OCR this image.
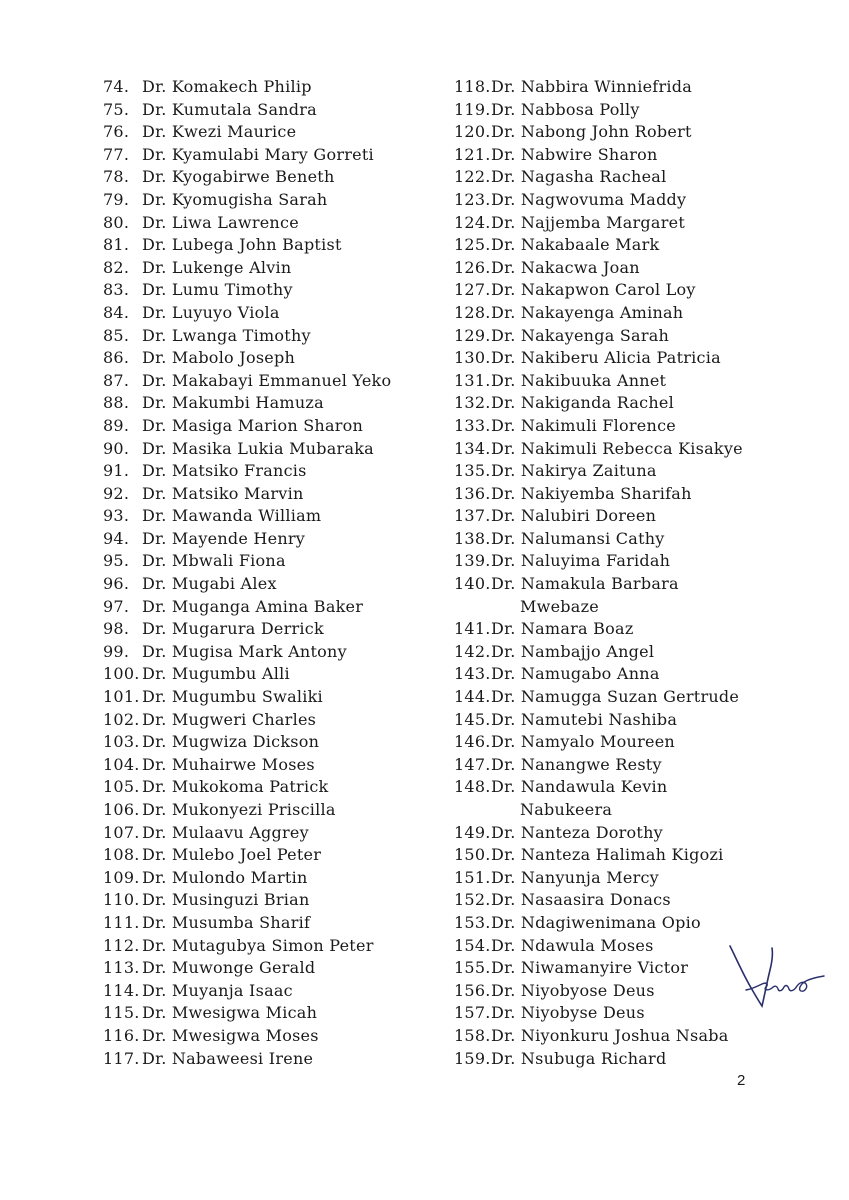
74. Dr. Komakech Philip
75. Dr. Kumutala Sandra
76. Dr. Kwezi Maurice
77. Dr. Kyamulabi Mary Gorreti
78. Dr. Kyogabirwe Beneth
79. Dr. Kyomugisha Sarah
80. Dr. Liwa Lawrence
81. Dr. Lubega John Baptist
82. Dr. Lukenge Alvin
83. Dr. Lumu Timothy
84. Dr. Luyuyo Viola
85. Dr. Lwanga Timothy
86. Dr. Mabolo Joseph
87. Dr. Makabayi Emmanuel Yeko
88. Dr. Makumbi Hamuza
89. Dr. Masiga Marion Sharon
90. Dr. Masika Lukia Mubaraka
91. Dr. Matsiko Francis
92. Dr. Matsiko Marvin
93. Dr. Mawanda William
94. Dr. Mayende Henry
95. Dr. Mbwali Fiona
96. Dr. Mugabi Alex
97. Dr. Muganga Amina Baker
98. Dr. Mugarura Derrick
99. Dr. Mugisa Mark Antony
100. Dr. Mugumbu Alli
101. Dr. Mugumbu Swaliki
102. Dr. Mugweri Charles
103. Dr. Mugwiza Dickson
104. Dr. Muhairwe Moses
105. Dr. Mukokoma Patrick
106. Dr. Mukonyezi Priscilla
107. Dr. Mulaavu Aggrey
108. Dr. Mulebo Joel Peter
109. Dr. Mulondo Martin
110. Dr. Musinguzi Brian
111. Dr. Musumba Sharif
112. Dr. Mutagubya Simon Peter
113. Dr. Muwonge Gerald
114. Dr. Muyanja Isaac
115. Dr. Mwesigwa Micah
116. Dr. Mwesigwa Moses
117. Dr. Nabaweesi Irene
118.Dr. Nabbira Winniefrida
119.Dr. Nabbosa Polly
120.Dr. Nabong John Robert
121.Dr. Nabwire Sharon
122.Dr. Nagasha Racheal
123.Dr. Nagwovuma Maddy
124.Dr. Najjemba Margaret
125.Dr. Nakabaale Mark
126.Dr. Nakacwa Joan
127.Dr. Nakapwon Carol Loy
128.Dr. Nakayenga Aminah
129.Dr. Nakayenga Sarah
130.Dr. Nakiberu Alicia Patricia
131.Dr. Nakibuuka Annet
132.Dr. Nakiganda Rachel
133.Dr. Nakimuli Florence
134.Dr. Nakimuli Rebecca Kisakye
135.Dr. Nakirya Zaituna
136.Dr. Nakiyemba Sharifah
137.Dr. Nalubiri Doreen
138.Dr. Nalumansi Cathy
139.Dr. Naluyima Faridah
140.Dr. Namakula Barbara
Mwebaze
141.Dr. Namara Boaz
142.Dr. Nambajjo Angel
143.Dr. Namugabo Anna
144.Dr. Namugga Suzan Gertrude
145.Dr. Namutebi Nashiba
146.Dr. Namyalo Moureen
147.Dr. Nanangwe Resty
148.Dr. Nandawula Kevin
Nabukeera
149.Dr. Nanteza Dorothy
150.Dr. Nanteza Halimah Kigozi
151.Dr. Nanyunja Mercy
152.Dr. Nasaasira Donacs
153.Dr. Ndagiwenimana Opio
154.Dr. Ndawula Moses
155.Dr. Niwamanyire Victor
156.Dr. Niyobyose Deus
157.Dr. Niyobyse Deus
158.Dr. Niyonkuru Joshua Nsaba
159.Dr. Nsubuga Richard
2
